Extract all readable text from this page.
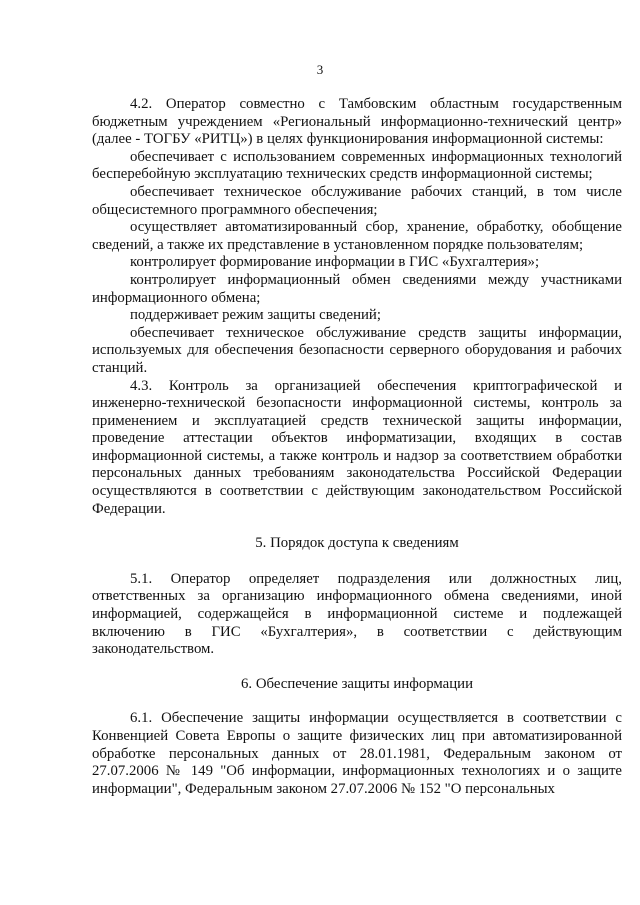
3

4.2. Оператор совместно с Тамбовским областным государственным бюджетным учреждением «Региональный информационно-технический центр» (далее - ТОГБУ «РИТЦ») в целях функционирования информационной системы:

обеспечивает с использованием современных информационных технологий бесперебойную эксплуатацию технических средств информационной системы;

обеспечивает техническое обслуживание рабочих станций, в том числе общесистемного программного обеспечения;

осуществляет автоматизированный сбор, хранение, обработку, обобщение сведений, а также их представление в установленном порядке пользователям;

контролирует формирование информации в ГИС «Бухгалтерия»;

контролирует информационный обмен сведениями между участниками информационного обмена;

поддерживает режим защиты сведений;

обеспечивает техническое обслуживание средств защиты информации, используемых для обеспечения безопасности серверного оборудования и рабочих станций.

4.3. Контроль за организацией обеспечения криптографической и инженерно-технической безопасности информационной системы, контроль за применением и эксплуатацией средств технической защиты информации, проведение аттестации объектов информатизации, входящих в состав информационной системы, а также контроль и надзор за соответствием обработки персональных данных требованиям законодательства Российской Федерации осуществляются в соответствии с действующим законодательством Российской Федерации.

5. Порядок доступа к сведениям

5.1. Оператор определяет подразделения или должностных лиц, ответственных за организацию информационного обмена сведениями, иной информацией, содержащейся в информационной системе и подлежащей включению в ГИС «Бухгалтерия», в соответствии с действующим законодательством.

6. Обеспечение защиты информации

6.1. Обеспечение защиты информации осуществляется в соответствии с Конвенцией Совета Европы о защите физических лиц при автоматизированной обработке персональных данных от 28.01.1981, Федеральным законом от 27.07.2006 № 149 "Об информации, информационных технологиях и о защите информации", Федеральным законом 27.07.2006 № 152 "О персональных
